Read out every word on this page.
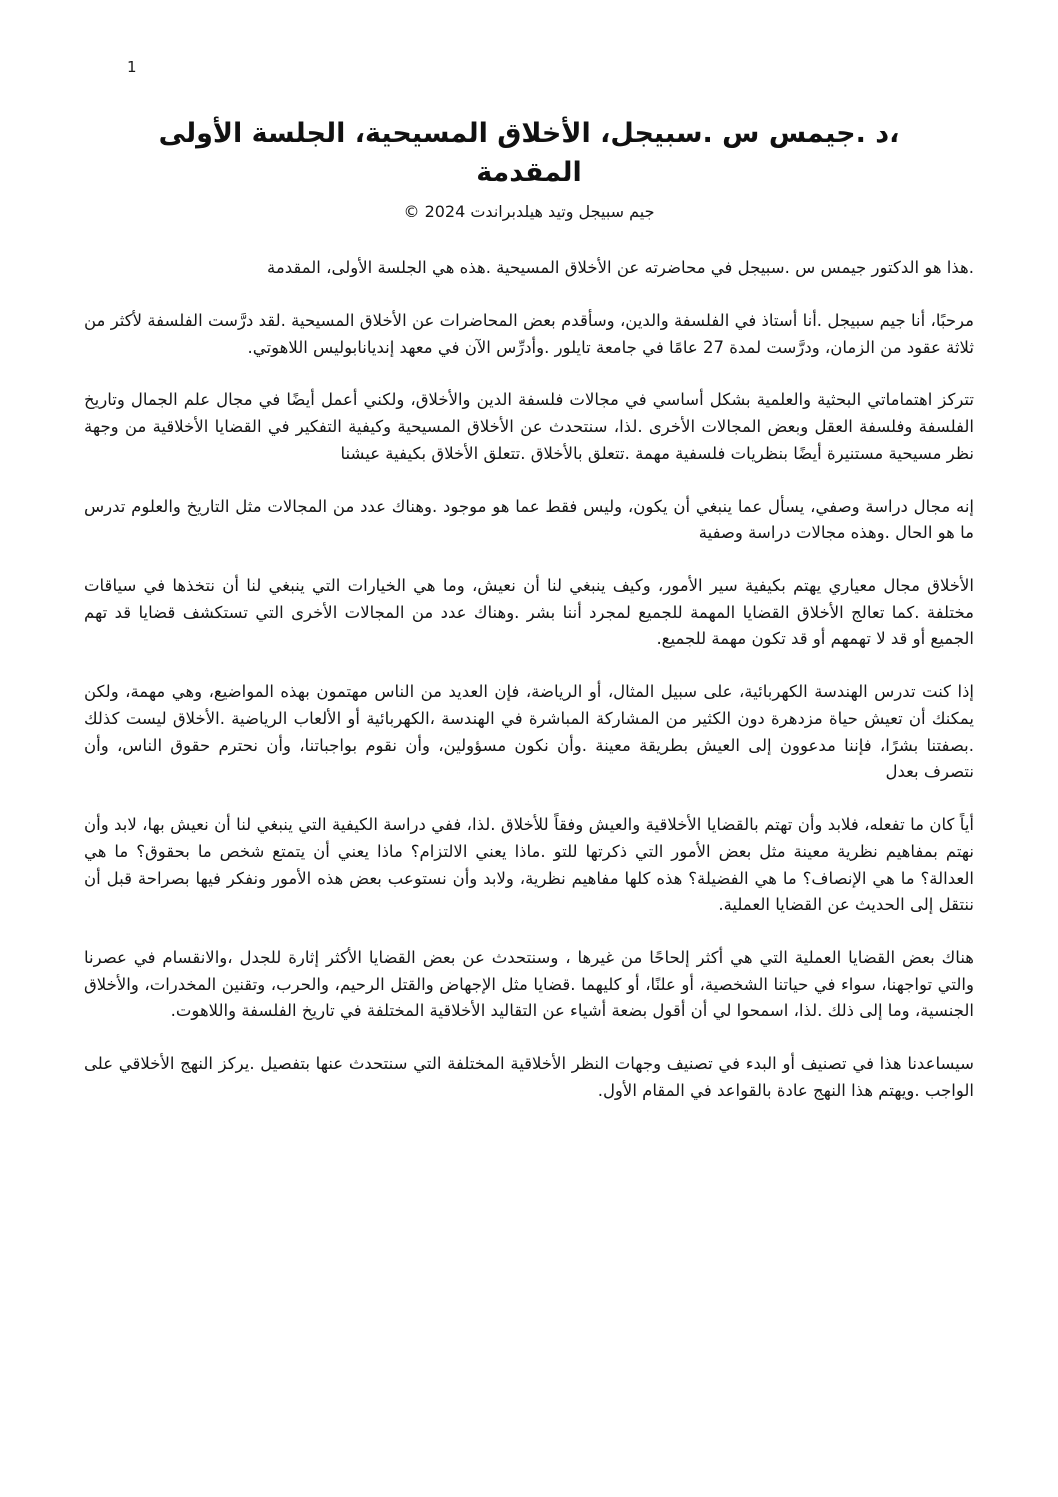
1
،د .جيمس س .سبيجل، الأخلاق المسيحية، الجلسة الأولى
المقدمة
جيم سبيجل وتيد هيلدبراندت 2024 ©

.هذا هو الدكتور جيمس س .سبيجل في محاضرته عن الأخلاق المسيحية .هذه هي الجلسة الأولى، المقدمة

مرحبًا، أنا جيم سبيجل .أنا أستاذ في الفلسفة والدين، وسأقدم بعض المحاضرات عن الأخلاق المسيحية .لقد درَّست الفلسفة لأكثر من ثلاثة عقود من الزمان، ودرَّست لمدة 27 عامًا في جامعة تايلور .وأدرِّس الآن في معهد إنديانابوليس اللاهوتي.

تتركز اهتماماتي البحثية والعلمية بشكل أساسي في مجالات فلسفة الدين والأخلاق، ولكني أعمل أيضًا في مجال علم الجمال وتاريخ الفلسفة وفلسفة العقل وبعض المجالات الأخرى .لذا، سنتحدث عن الأخلاق المسيحية وكيفية التفكير في القضايا الأخلاقية من وجهة نظر مسيحية مستنيرة أيضًا بنظريات فلسفية مهمة .تتعلق بالأخلاق .تتعلق الأخلاق بكيفية عيشنا

إنه مجال دراسة وصفي، يسأل عما ينبغي أن يكون، وليس فقط عما هو موجود .وهناك عدد من المجالات مثل التاريخ والعلوم تدرس ما هو الحال .وهذه مجالات دراسة وصفية

الأخلاق مجال معياري يهتم بكيفية سير الأمور، وكيف ينبغي لنا أن نعيش، وما هي الخيارات التي ينبغي لنا أن نتخذها في سياقات مختلفة .كما تعالج الأخلاق القضايا المهمة للجميع لمجرد أننا بشر .وهناك عدد من المجالات الأخرى التي تستكشف قضايا قد تهم الجميع أو قد لا تهمهم أو قد تكون مهمة للجميع.

إذا كنت تدرس الهندسة الكهربائية، على سبيل المثال، أو الرياضة، فإن العديد من الناس مهتمون بهذه المواضيع، وهي مهمة، ولكن يمكنك أن تعيش حياة مزدهرة دون الكثير من المشاركة المباشرة في الهندسة ،الكهربائية أو الألعاب الرياضية .الأخلاق ليست كذلك .بصفتنا بشرًا، فإننا مدعوون إلى العيش بطريقة معينة .وأن نكون مسؤولين، وأن نقوم بواجباتنا، وأن نحترم حقوق الناس، وأن نتصرف بعدل

أياً كان ما تفعله، فلابد وأن تهتم بالقضايا الأخلاقية والعيش وفقاً للأخلاق .لذا، ففي دراسة الكيفية التي ينبغي لنا أن نعيش بها، لابد وأن نهتم بمفاهيم نظرية معينة مثل بعض الأمور التي ذكرتها للتو .ماذا يعني الالتزام؟ ماذا يعني أن يتمتع شخص ما بحقوق؟ ما هي العدالة؟ ما هي الإنصاف؟ ما هي الفضيلة؟ هذه كلها مفاهيم نظرية، ولابد وأن نستوعب بعض هذه الأمور ونفكر فيها بصراحة قبل أن ننتقل إلى الحديث عن القضايا العملية.

هناك بعض القضايا العملية التي هي أكثر إلحاحًا من غيرها ، وسنتحدث عن بعض القضايا الأكثر إثارة للجدل ،والانقسام في عصرنا والتي تواجهنا، سواء في حياتنا الشخصية، أو علنًا، أو كليهما .قضايا مثل الإجهاض والقتل الرحيم، والحرب، وتقنين المخدرات، والأخلاق الجنسية، وما إلى ذلك .لذا، اسمحوا لي أن أقول بضعة أشياء عن التقاليد الأخلاقية المختلفة في تاريخ الفلسفة واللاهوت.

سيساعدنا هذا في تصنيف أو البدء في تصنيف وجهات النظر الأخلاقية المختلفة التي سنتحدث عنها بتفصيل .يركز النهج الأخلاقي على الواجب .ويهتم هذا النهج عادة بالقواعد في المقام الأول.
